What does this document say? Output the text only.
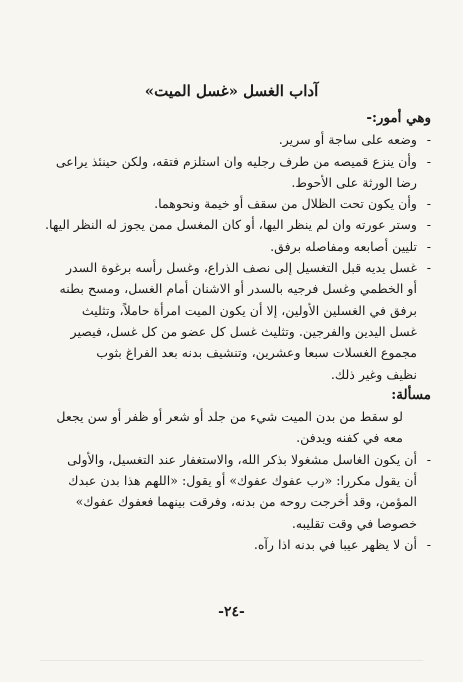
آداب الغسل «غسل الميت»

وهي أمور:-

-

وضعه على ساجة أو سرير.

-

وأن ينزع قميصه من طرف رجليه وان استلزم فتقه، ولكن حينئذ يراعى

رضا الورثة على الأحوط.

-

وأن يكون تحت الظلال من سقف أو خيمة ونحوهما.

-

وستر عورته وان لم ينظر اليها، أو كان المغسل ممن يجوز له النظر اليها.

-

تليين أصابعه ومفاصله برفق.

-

غسل يديه قبل التغسيل إلى نصف الذراع، وغسل رأسه برغوة السدر

أو الخطمي وغسل فرجيه بالسدر أو الاشنان أمام الغسل، ومسح بطنه

برفق في الغسلين الأولين، إلا أن يكون الميت امرأة حاملاً، وتثليث

غسل اليدين والفرجين. وتثليث غسل كل عضو من كل غسل، فيصير

مجموع الغسلات سبعا وعشرين، وتنشيف بدنه بعد الفراغ بثوب

نظيف وغير ذلك.

مسألة:

لو سقط من بدن الميت شيء من جلد أو شعر أو ظفر أو سن يجعل

معه في كفنه ويدفن.

-

أن يكون الغاسل مشغولا بذكر الله، والاستغفار عند التغسيل، والأولى

أن يقول مكررا: «رب عفوك عفوك» أو يقول: «اللهم هذا بدن عبدك

المؤمن، وقد أخرجت روحه من بدنه، وفرقت بينهما فعفوك عفوك»

خصوصا في وقت تقليبه.

-

أن لا يظهر عيبا في بدنه اذا رآه.

-٢٤-
